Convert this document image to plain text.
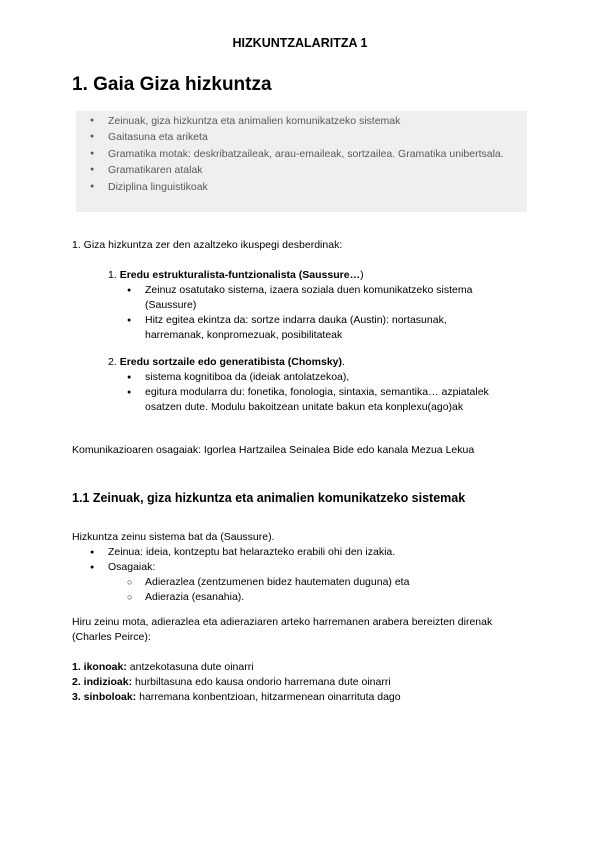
HIZKUNTZALARITZA 1
1. Gaia Giza hizkuntza
● Zeinuak, giza hizkuntza eta animalien komunikatzeko sistemak
● Gaitasuna eta ariketa
● Gramatika motak: deskribatzaileak, arau-emaileak, sortzailea. Gramatika unibertsala.
● Gramatikaren atalak
● Diziplina linguistikoak
1. Giza hizkuntza zer den azaltzeko ikuspegi desberdinak:
1. Eredu estrukturalista-funtzionalista (Saussure…)
● Zeinuz osatutako sistema, izaera soziala duen komunikatzeko sistema (Saussure)
● Hitz egitea ekintza da: sortze indarra dauka (Austin): nortasunak, harremanak, konpromezuak, posibilitateak
2. Eredu sortzaile edo generatibista (Chomsky).
● sistema kognitiboa da (ideiak antolatzekoa),
● egitura modularra du: fonetika, fonologia, sintaxia, semantika… azpiatalek osatzen dute. Modulu bakoitzean unitate bakun eta konplexu(ago)ak
Komunikazioaren osagaiak: Igorlea Hartzailea Seinalea Bide edo kanala Mezua Lekua
1.1 Zeinuak, giza hizkuntza eta animalien komunikatzeko sistemak
Hizkuntza zeinu sistema bat da (Saussure).
● Zeinua: ideia, kontzeptu bat helarazteko erabili ohi den izakia.
● Osagaiak:
○ Adierazlea (zentzumenen bidez hautematen duguna) eta
○ Adierazia (esanahia).
Hiru zeinu mota, adierazlea eta adieraziaren arteko harremanen arabera bereizten direnak (Charles Peirce):
1. ikonoak: antzekotasuna dute oinarri
2. indizioak: hurbiltasuna edo kausa ondorio harremana dute oinarri
3. sinboloak: harremana konbentzioan, hitzarmenean oinarrituta dago
